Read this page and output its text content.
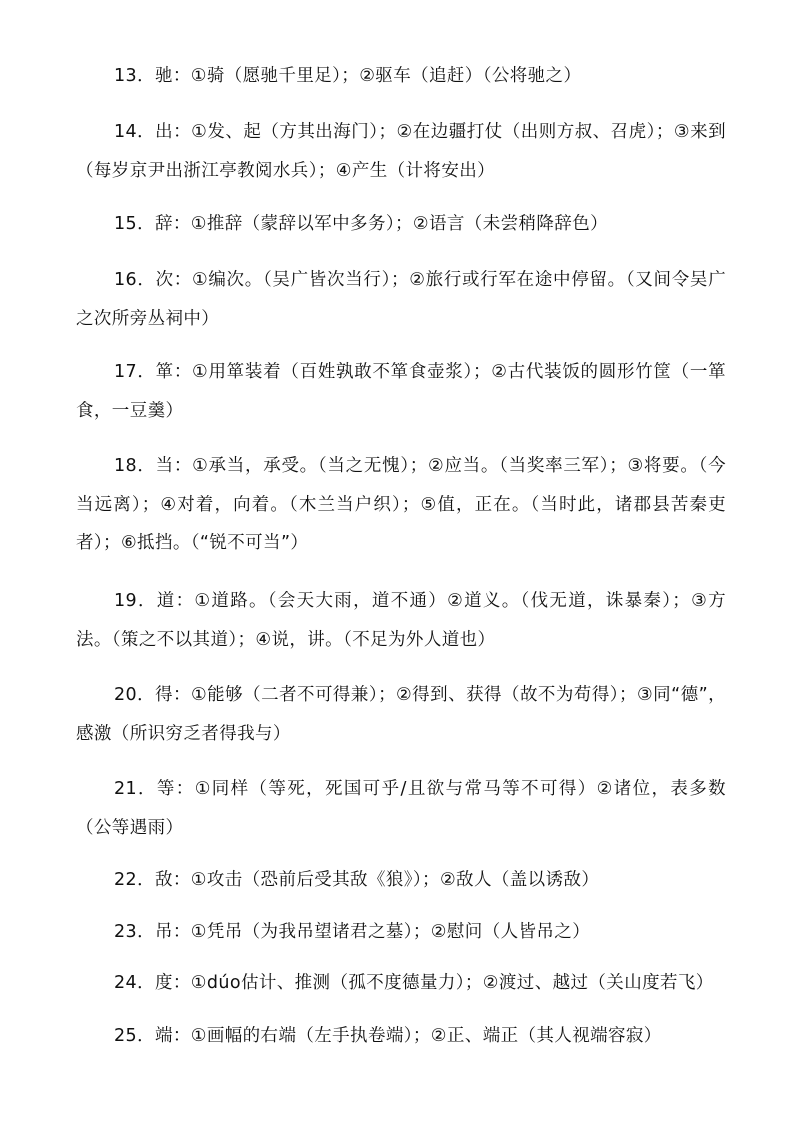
13．驰：①骑（愿驰千里足）；②驱车（追赶）（公将驰之）

14．出：①发、起（方其出海门）；②在边疆打仗（出则方叔、召虎）；③来到（每岁京尹出浙江亭教阅水兵）；④产生（计将安出）

15．辞：①推辞（蒙辞以军中多务）；②语言（未尝稍降辞色）

16．次：①编次。（吴广皆次当行）；②旅行或行军在途中停留。（又间令吴广之次所旁丛祠中）

17．箪：①用箪装着（百姓孰敢不箪食壶浆）；②古代装饭的圆形竹筐（一箪食，一豆羹）

18．当：①承当，承受。（当之无愧）；②应当。（当奖率三军）；③将要。（今当远离）；④对着，向着。（木兰当户织）；⑤值，正在。（当时此，诸郡县苦秦吏者）；⑥抵挡。（“锐不可当”）

19．道：①道路。（会天大雨，道不通）②道义。（伐无道，诛暴秦）；③方法。（策之不以其道）；④说，讲。（不足为外人道也）

20．得：①能够（二者不可得兼）；②得到、获得（故不为苟得）；③同“德”，感激（所识穷乏者得我与）

21．等：①同样（等死，死国可乎/且欲与常马等不可得）②诸位，表多数（公等遇雨）

22．敌：①攻击（恐前后受其敌《狼》）；②敌人（盖以诱敌）

23．吊：①凭吊（为我吊望诸君之墓）；②慰问（人皆吊之）

24．度：①dúo估计、推测（孤不度德量力）；②渡过、越过（关山度若飞）

25．端：①画幅的右端（左手执卷端）；②正、端正（其人视端容寂）
